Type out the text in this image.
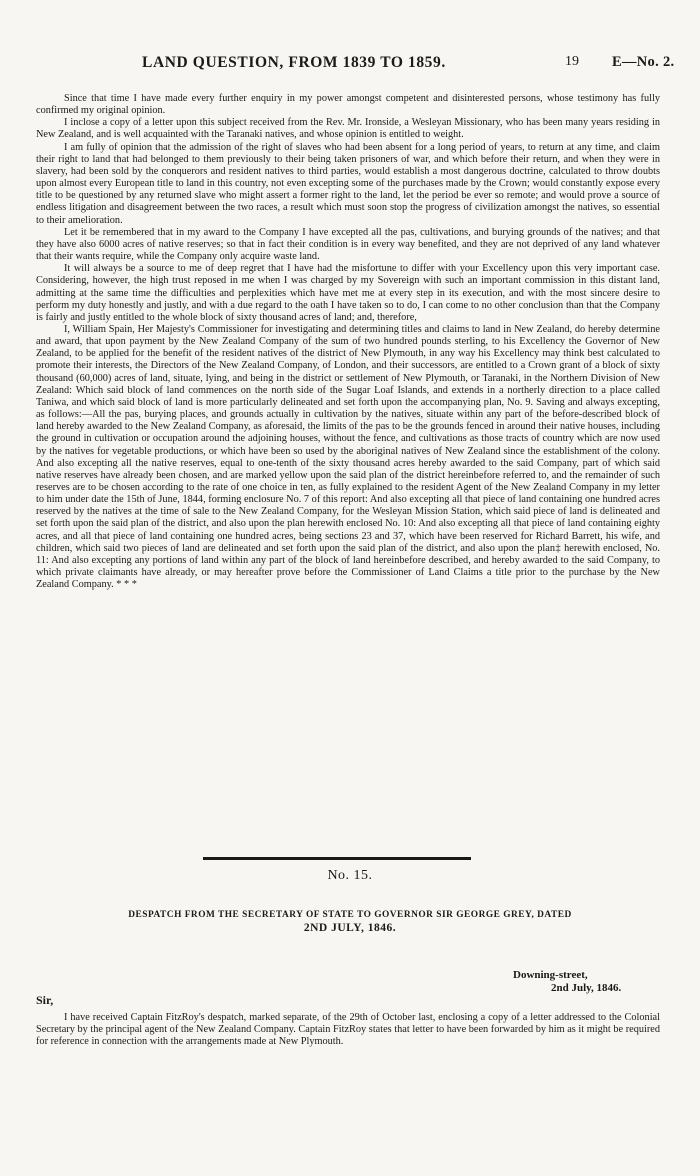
LAND QUESTION, FROM 1839 TO 1859.	19 E—No. 2.

Since that time I have made every further enquiry in my power amongst competent and disinterested persons, whose testimony has fully confirmed my original opinion.

I inclose a copy of a letter upon this subject received from the Rev. Mr. Ironside, a Wesleyan Missionary, who has been many years residing in New Zealand, and is well acquainted with the Taranaki natives, and whose opinion is entitled to weight.

I am fully of opinion that the admission of the right of slaves who had been absent for a long period of years, to return at any time, and claim their right to land that had belonged to them previously to their being taken prisoners of war, and which before their return, and when they were in slavery, had been sold by the conquerors and resident natives to third parties, would establish a most dangerous doctrine, calculated to throw doubts upon almost every European title to land in this country, not even excepting some of the purchases made by the Crown; would constantly expose every title to be questioned by any returned slave who might assert a former right to the land, let the period be ever so remote; and would prove a source of endless litigation and disagreement between the two races, a result which must soon stop the progress of civilization amongst the natives, so essential to their amelioration.

Let it be remembered that in my award to the Company I have excepted all the pas, cultivations, and burying grounds of the natives; and that they have also 6000 acres of native reserves; so that in fact their condition is in every way benefited, and they are not deprived of any land whatever that their wants require, while the Company only acquire waste land.

It will always be a source to me of deep regret that I have had the misfortune to differ with your Excellency upon this very important case. Considering, however, the high trust reposed in me when I was charged by my Sovereign with such an important commission in this distant land, admitting at the same time the difficulties and perplexities which have met me at every step in its execution, and with the most sincere desire to perform my duty honestly and justly, and with a due regard to the oath I have taken so to do, I can come to no other conclusion than that the Company is fairly and justly entitled to the whole block of sixty thousand acres of land; and, therefore,

I, William Spain, Her Majesty's Commissioner for investigating and determining titles and claims to land in New Zealand, do hereby determine and award, that upon payment by the New Zealand Company of the sum of two hundred pounds sterling, to his Excellency the Governor of New Zealand, to be applied for the benefit of the resident natives of the district of New Plymouth, in any way his Excellency may think best calculated to promote their interests, the Directors of the New Zealand Company, of London, and their successors, are entitled to a Crown grant of a block of sixty thousand (60,000) acres of land, situate, lying, and being in the district or settlement of New Plymouth, or Taranaki, in the Northern Division of New Zealand: Which said block of land commences on the north side of the Sugar Loaf Islands, and extends in a northerly direction to a place called Taniwa, and which said block of land is more particularly delineated and set forth upon the accompanying plan, No. 9. Saving and always excepting, as follows:—All the pas, burying places, and grounds actually in cultivation by the natives, situate within any part of the before-described block of land hereby awarded to the New Zealand Company, as aforesaid, the limits of the pas to be the grounds fenced in around their native houses, including the ground in cultivation or occupation around the adjoining houses, without the fence, and cultivations as those tracts of country which are now used by the natives for vegetable productions, or which have been so used by the aboriginal natives of New Zealand since the establishment of the colony. And also excepting all the native reserves, equal to one-tenth of the sixty thousand acres hereby awarded to the said Company, part of which said native reserves have already been chosen, and are marked yellow upon the said plan of the district hereinbefore referred to, and the remainder of such reserves are to be chosen according to the rate of one choice in ten, as fully explained to the resident Agent of the New Zealand Company in my letter to him under date the 15th of June, 1844, forming enclosure No. 7 of this report: And also excepting all that piece of land containing one hundred acres reserved by the natives at the time of sale to the New Zealand Company, for the Wesleyan Mission Station, which said piece of land is delineated and set forth upon the said plan of the district, and also upon the plan herewith enclosed No. 10: And also excepting all that piece of land containing eighty acres, and all that piece of land containing one hundred acres, being sections 23 and 37, which have been reserved for Richard Barrett, his wife, and children, which said two pieces of land are delineated and set forth upon the said plan of the district, and also upon the plan‡ herewith enclosed, No. 11: And also excepting any portions of land within any part of the block of land hereinbefore described, and hereby awarded to the said Company, to which private claimants have already, or may hereafter prove before the Commissioner of Land Claims a title prior to the purchase by the New Zealand Company. * * *

No. 15.
DESPATCH FROM THE SECRETARY OF STATE TO GOVERNOR SIR GEORGE GREY, DATED
2ND JULY, 1846.
Downing-street,
2nd July, 1846.
Sir,

I have received Captain FitzRoy's despatch, marked separate, of the 29th of October last, enclosing a copy of a letter addressed to the Colonial Secretary by the principal agent of the New Zealand Company. Captain FitzRoy states that letter to have been forwarded by him as it might be required for reference in connection with the arrangements made at New Plymouth.
